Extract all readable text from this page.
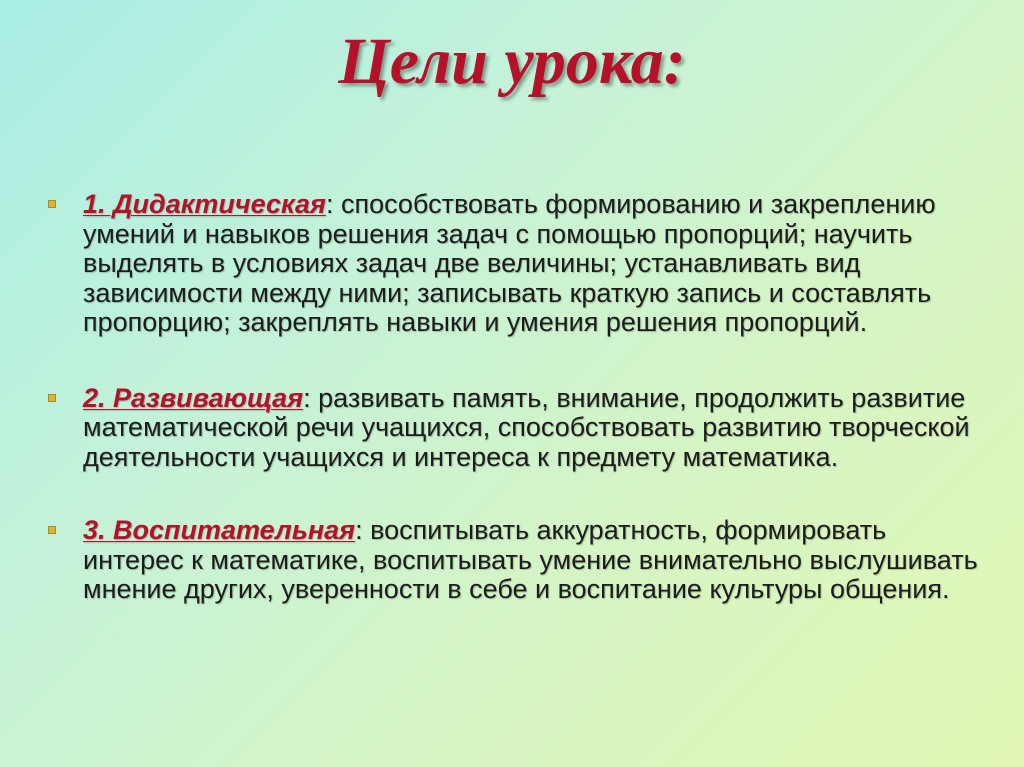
Цели урока:
1. Дидактическая: способствовать формированию и закреплению умений и навыков решения задач с помощью пропорций; научить выделять в условиях задач две величины; устанавливать вид зависимости между ними; записывать краткую запись и составлять пропорцию; закреплять навыки и умения решения пропорций.
2. Развивающая: развивать память, внимание, продолжить развитие математической речи учащихся, способствовать развитию творческой деятельности учащихся и интереса к предмету математика.
3. Воспитательная: воспитывать аккуратность, формировать интерес к математике, воспитывать умение внимательно выслушивать мнение других, уверенности в себе и воспитание культуры общения.
